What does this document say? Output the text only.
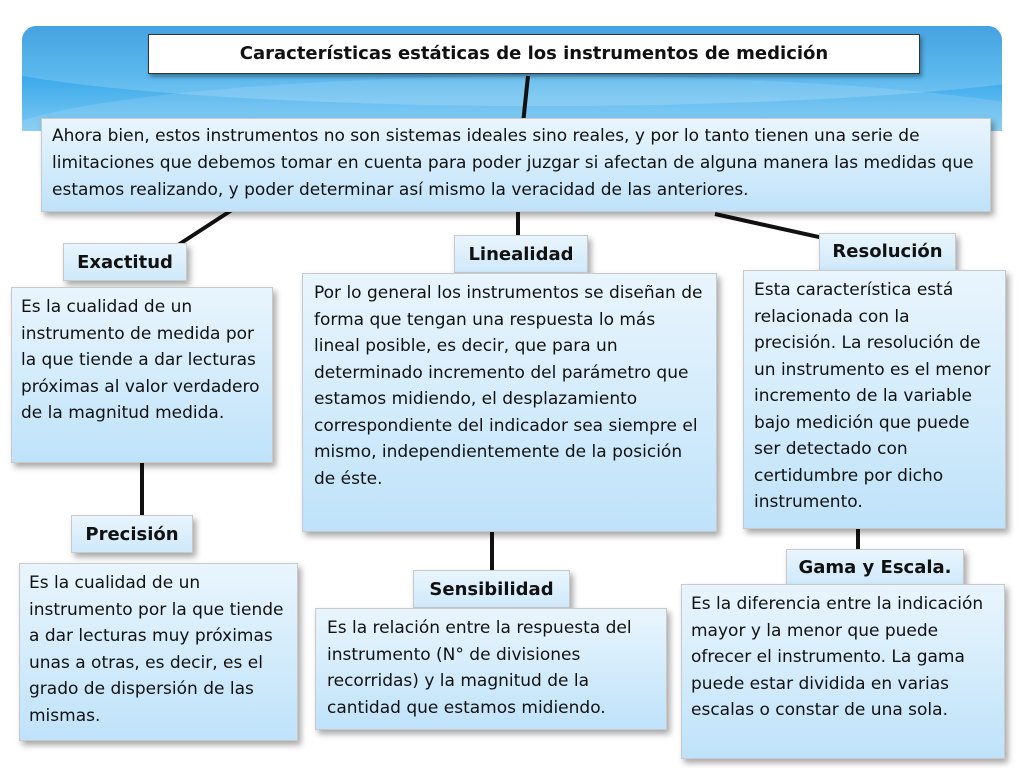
Características estáticas de los instrumentos de medición
Ahora bien, estos instrumentos no son sistemas ideales sino reales, y por lo tanto tienen una serie de limitaciones que debemos tomar en cuenta para poder juzgar si afectan de alguna manera las medidas que estamos realizando, y poder determinar así mismo la veracidad de las anteriores.
Exactitud
Es la cualidad de un instrumento de medida por la que tiende a dar lecturas próximas al valor verdadero de la magnitud medida.
Precisión
Es la cualidad de un instrumento por la que tiende a dar lecturas muy próximas unas a otras, es decir, es el grado de dispersión de las mismas.
Linealidad
Por lo general los instrumentos se diseñan de forma que tengan una respuesta lo más lineal posible, es decir, que para un determinado incremento del parámetro que estamos midiendo, el desplazamiento correspondiente del indicador sea siempre el mismo, independientemente de la posición de éste.
Sensibilidad
Es la relación entre la respuesta del instrumento (N° de divisiones recorridas) y la magnitud de la cantidad que estamos midiendo.
Resolución
Esta característica está relacionada con la precisión. La resolución de un instrumento es el menor incremento de la variable bajo medición que puede ser detectado con certidumbre por dicho instrumento.
Gama y Escala.
Es la diferencia entre la indicación mayor y la menor que puede ofrecer el instrumento. La gama puede estar dividida en varias escalas o constar de una sola.
